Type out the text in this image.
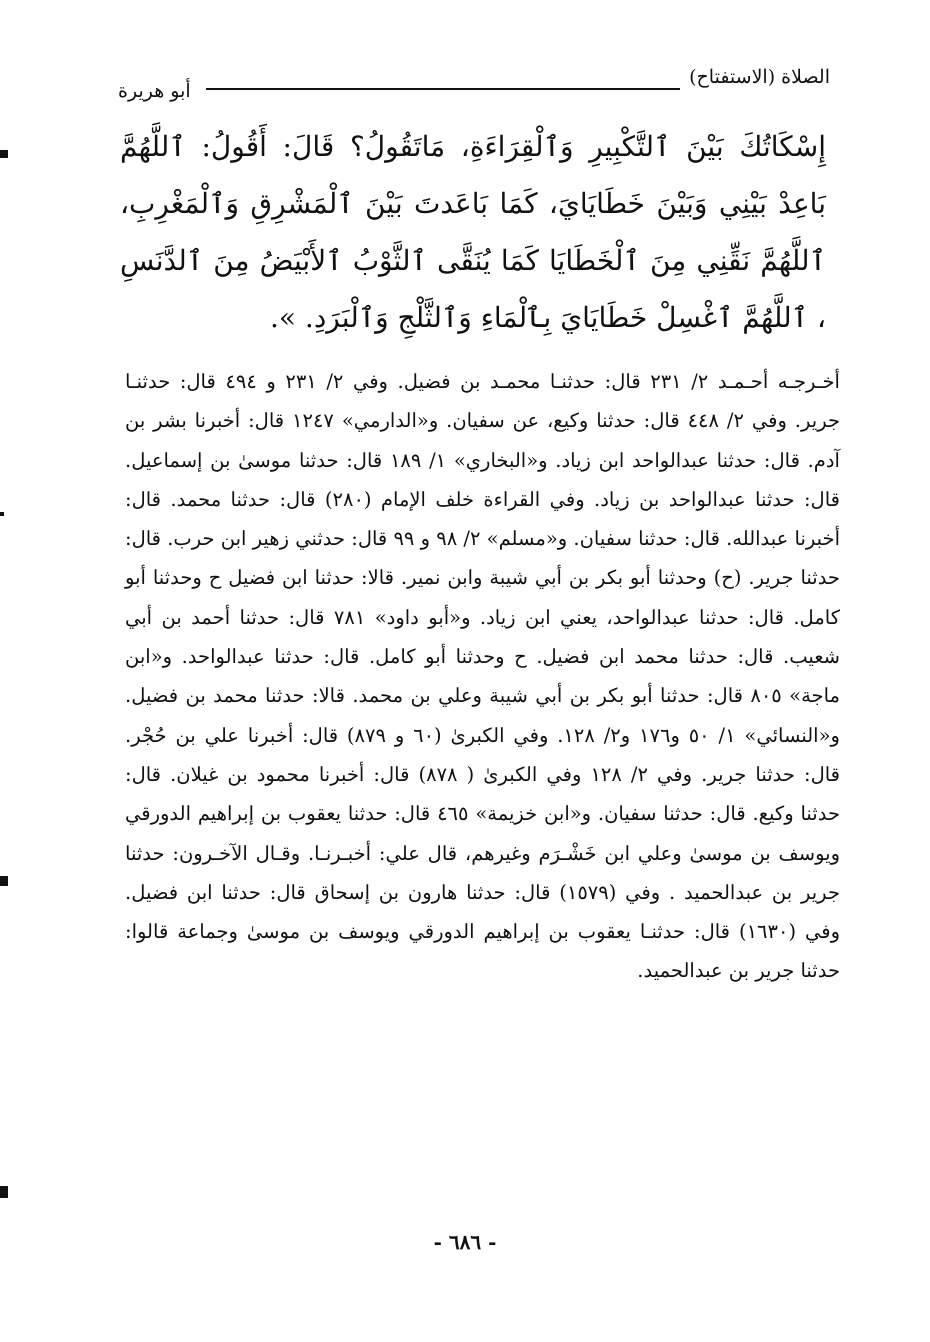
الصلاة (الاستفتاح)
أبو هريرة
إِسْكَاتُكَ بَيْنَ ٱلتَّكْبِيرِ وَٱلْقِرَاءَةِ، مَاتَقُولُ؟ قَالَ: أَقُولُ: ٱللَّهُمَّ بَاعِدْ بَيْنِي وَبَيْنَ خَطَايَايَ، كَمَا بَاعَدتَ بَيْنَ ٱلْمَشْرِقِ وَٱلْمَغْرِبِ، ٱللَّهُمَّ نَقِّنِي مِنَ ٱلْخَطَايَا كَمَا يُنَقَّى ٱلثَّوْبُ ٱلأَبْيَضُ مِنَ ٱلدَّنَسِ ، ٱللَّهُمَّ ٱغْسِلْ خَطَايَايَ بِٱلْمَاءِ وَٱلثَّلْجِ وَٱلْبَرَدِ. ».
أخـرجـه أحـمـد ٢/ ٢٣١ قال: حدثنـا محمـد بن فضيل. وفي ٢/ ٢٣١ و ٤٩٤ قال: حدثنـا جرير. وفي ٢/ ٤٤٨ قال: حدثنا وكيع، عن سفيان. و«الدارمي» ١٢٤٧ قال: أخبرنا بشر بن آدم. قال: حدثنا عبدالواحد ابن زياد. و«البخاري» ١/ ١٨٩ قال: حدثنا موسىٰ بن إسماعيل. قال: حدثنا عبدالواحد بن زياد. وفي القراءة خلف الإمام (٢٨٠) قال: حدثنا محمد. قال: أخبرنا عبدالله. قال: حدثنا سفيان. و«مسلم» ٢/ ٩٨ و ٩٩ قال: حدثني زهير ابن حرب. قال: حدثنا جرير. (ح) وحدثنا أبو بكر بن أبي شيبة وابن نمير. قالا: حدثنا ابن فضيل ح وحدثنا أبو كامل. قال: حدثنا عبدالواحد، يعني ابن زياد. و«أبو داود» ٧٨١ قال: حدثنا أحمد بن أبي شعيب. قال: حدثنا محمد ابن فضيل. ح وحدثنا أبو كامل. قال: حدثنا عبدالواحد. و«ابن ماجة» ٨٠٥ قال: حدثنا أبو بكر بن أبي شيبة وعلي بن محمد. قالا: حدثنا محمد بن فضيل. و«النسائي» ١/ ٥٠ و١٧٦ و٢/ ١٢٨. وفي الكبرىٰ (٦٠ و ٨٧٩) قال: أخبرنا علي بن حُجْر. قال: حدثنا جرير. وفي ٢/ ١٢٨ وفي الكبرىٰ ( ٨٧٨) قال: أخبرنا محمود بن غيلان. قال: حدثنا وكيع. قال: حدثنا سفيان. و«ابن خزيمة» ٤٦٥ قال: حدثنا يعقوب بن إبراهيم الدورقي ويوسف بن موسىٰ وعلي ابن خَشْـرَم وغيرهم، قال علي: أخبـرنـا. وقـال الآخـرون: حدثنا جرير بن عبدالحميد . وفي (١٥٧٩) قال: حدثنا هارون بن إسحاق قال: حدثنا ابن فضيل. وفي (١٦٣٠) قال: حدثنـا يعقوب بن إبراهيم الدورقي ويوسف بن موسىٰ وجماعة قالوا: حدثنا جرير بن عبدالحميد.
- ٦٨٦ -
